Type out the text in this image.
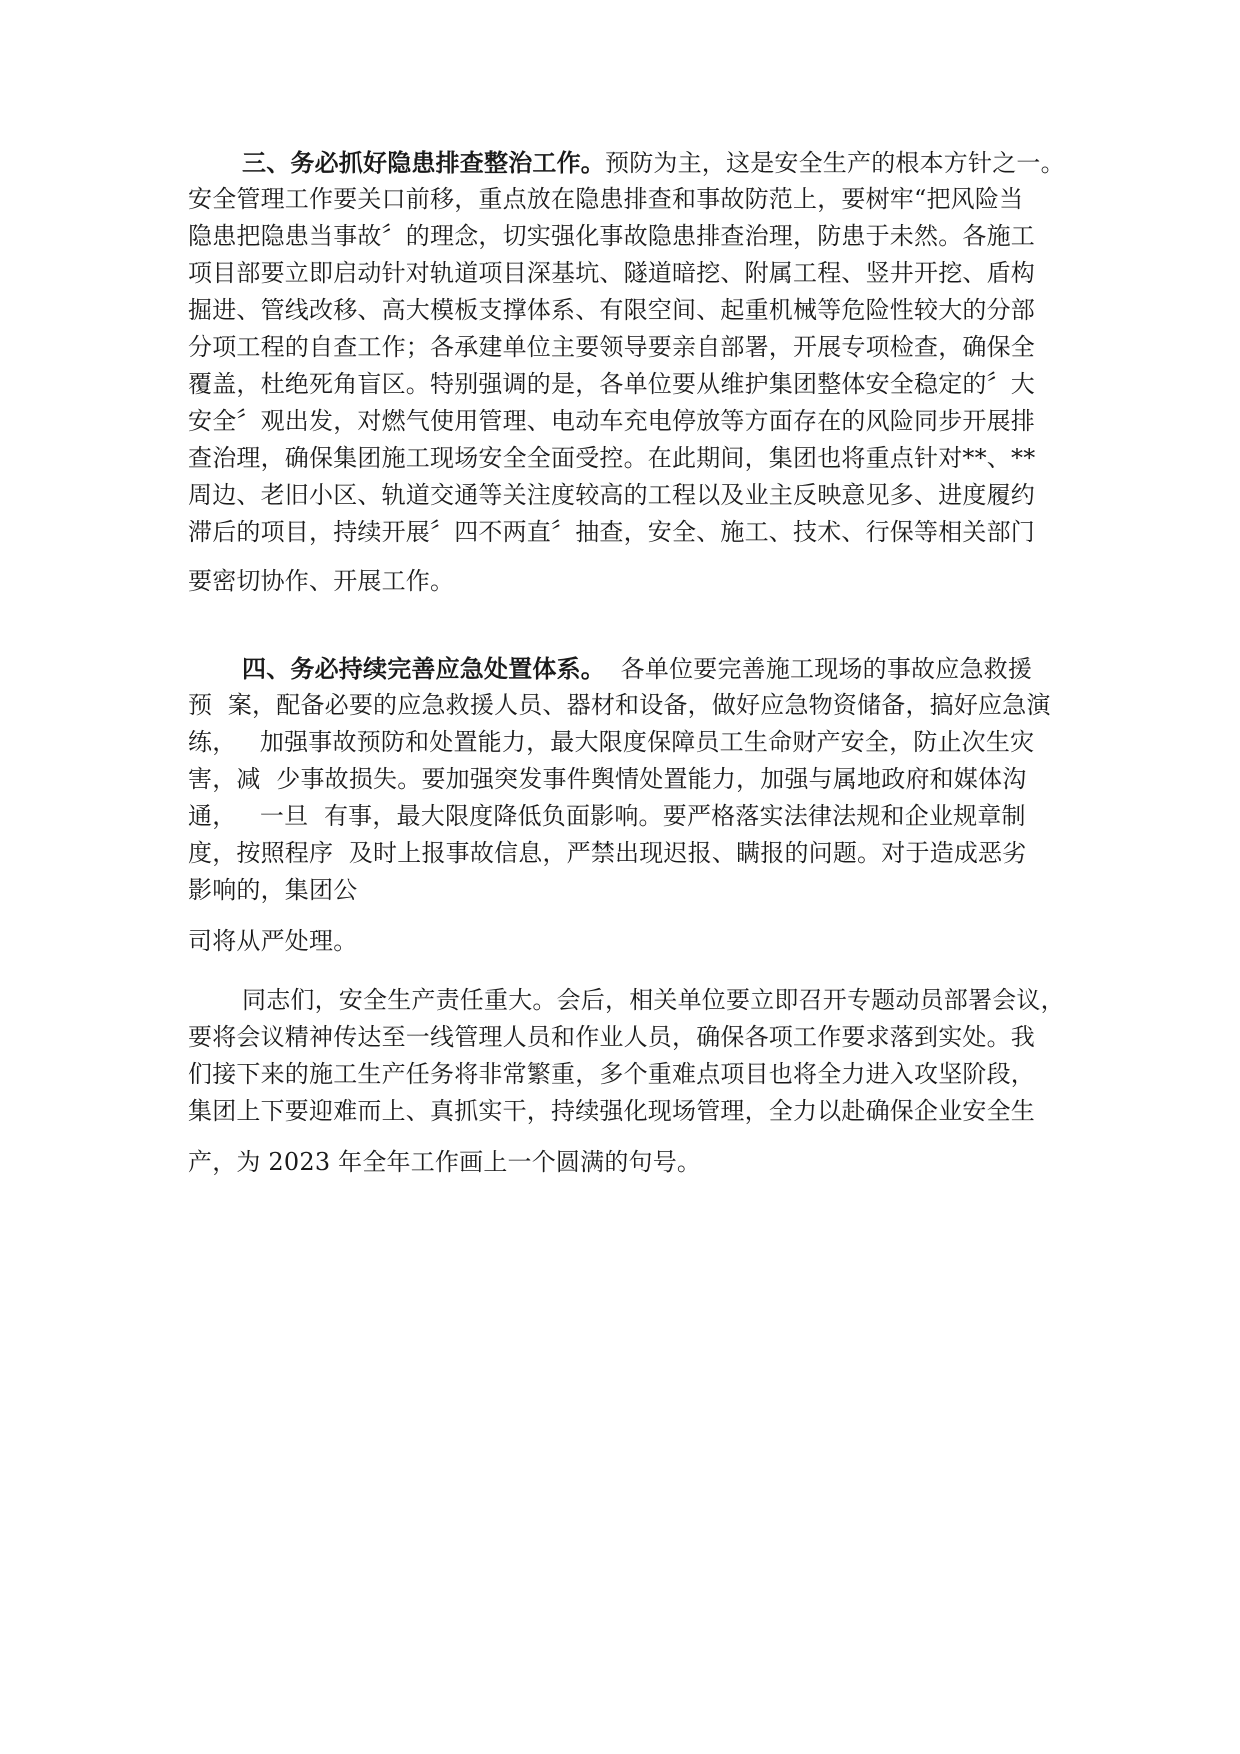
三、务必抓好隐患排查整治工作。预防为主，这是安全生产的根本方针之一。
安全管理工作要关口前移，重点放在隐患排查和事故防范上，要树牢“把风险当
隐患把隐患当事故〞的理念，切实强化事故隐患排查治理，防患于未然。各施工
项目部要立即启动针对轨道项目深基坑、隧道暗挖、附属工程、竖井开挖、盾构
掘进、管线改移、高大模板支撑体系、有限空间、起重机械等危险性较大的分部
分项工程的自查工作；各承建单位主要领导要亲自部署，开展专项检查，确保全
覆盖，杜绝死角盲区。特别强调的是，各单位要从维护集团整体安全稳定的〞大
安全〞观出发，对燃气使用管理、电动车充电停放等方面存在的风险同步开展排
查治理，确保集团施工现场安全全面受控。在此期间，集团也将重点针对**、**
周边、老旧小区、轨道交通等关注度较高的工程以及业主反映意见多、进度履约
滞后的项目，持续开展〞四不两直〞抽查，安全、施工、技术、行保等相关部门
要密切协作、开展工作。
四、务必持续完善应急处置体系。  各单位要完善施工现场的事故应急救援
预  案，配备必要的应急救援人员、器材和设备，做好应急物资储备，搞好应急演
练，   加强事故预防和处置能力，最大限度保障员工生命财产安全，防止次生灾
害，减  少事故损失。要加强突发事件舆情处置能力，加强与属地政府和媒体沟
通，   一旦  有事，最大限度降低负面影响。要严格落实法律法规和企业规章制
度，按照程序  及时上报事故信息，严禁出现迟报、瞒报的问题。对于造成恶劣
影响的，集团公
司将从严处理。
同志们，安全生产责任重大。会后，相关单位要立即召开专题动员部署会议，
要将会议精神传达至一线管理人员和作业人员，确保各项工作要求落到实处。我
们接下来的施工生产任务将非常繁重，多个重难点项目也将全力进入攻坚阶段，
集团上下要迎难而上、真抓实干，持续强化现场管理，全力以赴确保企业安全生
产，为 2023 年全年工作画上一个圆满的句号。
